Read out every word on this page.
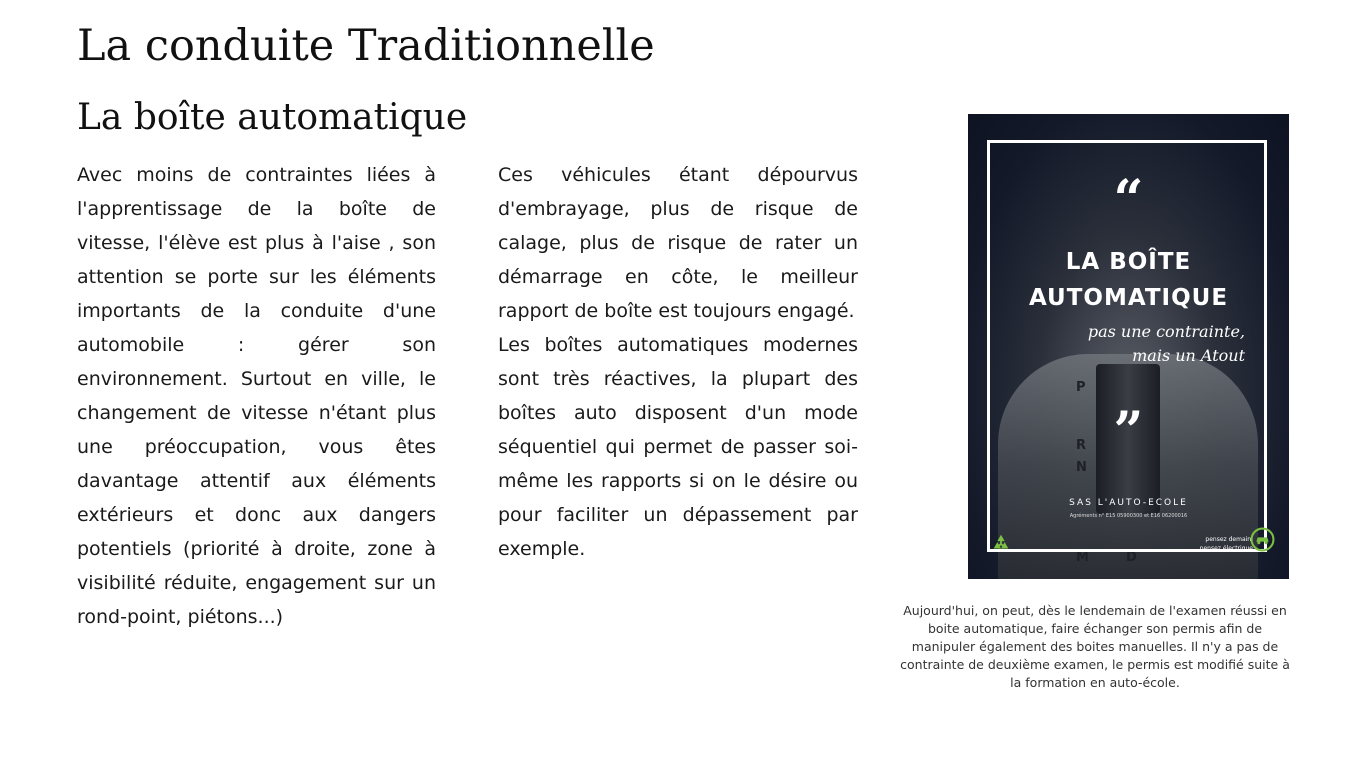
La conduite Traditionnelle
La boîte automatique

Avec moins de contraintes liées à l'apprentissage de la boîte de vitesse, l'élève est plus à l'aise , son attention se porte sur les éléments importants de la conduite d'une automobile : gérer son environnement. Surtout en ville, le changement de vitesse n'étant plus une préoccupation, vous êtes davantage attentif aux éléments extérieurs et donc aux dangers potentiels (priorité à droite, zone à visibilité réduite, engagement sur un rond-point, piétons...)

Ces véhicules étant dépourvus d'embrayage, plus de risque de calage, plus de risque de rater un démarrage en côte, le meilleur rapport de boîte est toujours engagé.

Les boîtes automatiques modernes sont très réactives, la plupart des boîtes auto disposent d'un mode séquentiel qui permet de passer soi-même les rapports si on le désire ou pour faciliter un dépassement par exemple.

P
R
N
M	D
“
LA BOÎTE
AUTOMATIQUE
pas une contrainte,
mais un Atout
”
SAS L'AUTO-ECOLE
Agréments n° E15 05900300 et E16 06200016
pensez demain,
pensez électrique

Aujourd'hui, on peut, dès le lendemain de l'examen réussi en boite automatique, faire échanger son permis afin de manipuler également des boites manuelles. Il n'y a pas de contrainte de deuxième examen, le permis est modifié suite à la formation en auto-école.
